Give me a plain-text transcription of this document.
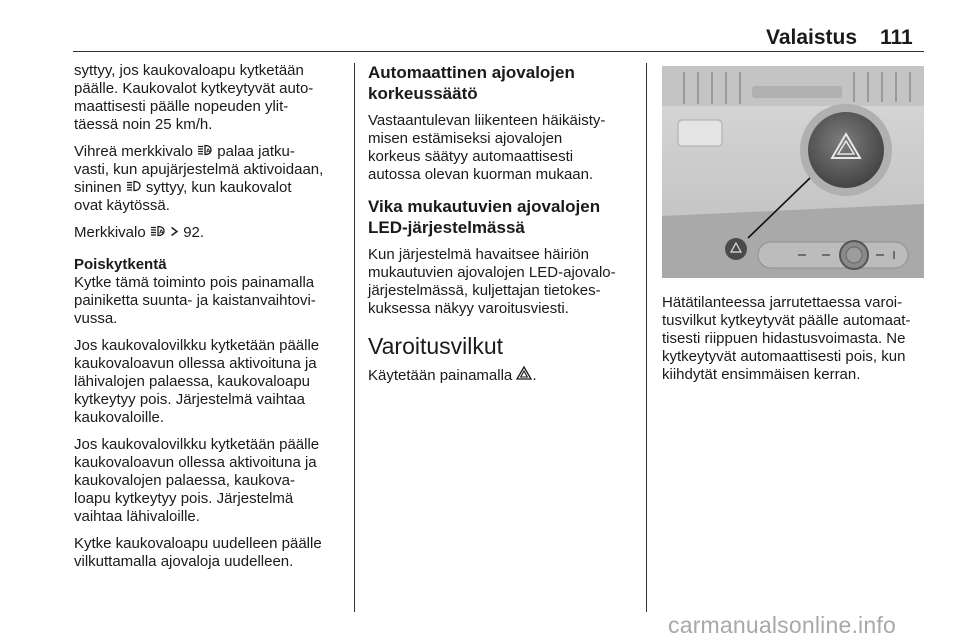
Valaistus 111

syttyy, jos kaukovaloapu kytketään
päälle. Kaukovalot kytkeytyvät auto-
maattisesti päälle nopeuden ylit-
täessä noin 25 km/h.

Vihreä merkkivalo A palaa jatku-
vasti, kun apujärjestelmä aktivoidaan,
sininen  syttyy, kun kaukovalot
ovat käytössä.

Merkkivalo A 92.

Poiskytkentä
Kytke tämä toiminto pois painamalla
painiketta suunta- ja kaistanvaihtovi-
vussa.

Jos kaukovalovilkku kytketään päälle
kaukovaloavun ollessa aktivoituna ja
lähivalojen palaessa, kaukovaloapu
kytkeytyy pois. Järjestelmä vaihtaa
kaukovaloille.

Jos kaukovalovilkku kytketään päälle
kaukovaloavun ollessa aktivoituna ja
kaukovalojen palaessa, kaukova-
loapu kytkeytyy pois. Järjestelmä
vaihtaa lähivaloille.

Kytke kaukovaloapu uudelleen päälle
vilkuttamalla ajovaloja uudelleen.

Automaattinen ajovalojen
korkeussäätö

Vastaantulevan liikenteen häikäisty-
misen estämiseksi ajovalojen
korkeus säätyy automaattisesti
autossa olevan kuorman mukaan.

Vika mukautuvien ajovalojen
LED-järjestelmässä

Kun järjestelmä havaitsee häiriön
mukautuvien ajovalojen LED-ajovalo-
järjestelmässä, kuljettajan tietokes-
kuksessa näkyy varoitusviesti.

Varoitusvilkut

Käytetään painamalla .

Hätätilanteessa jarrutettaessa varoi-
tusvilkut kytkeytyvät päälle automaat-
tisesti riippuen hidastusvoimasta. Ne
kytkeytyvät automaattisesti pois, kun
kiihdytät ensimmäisen kerran.
carmanualsonline.info
